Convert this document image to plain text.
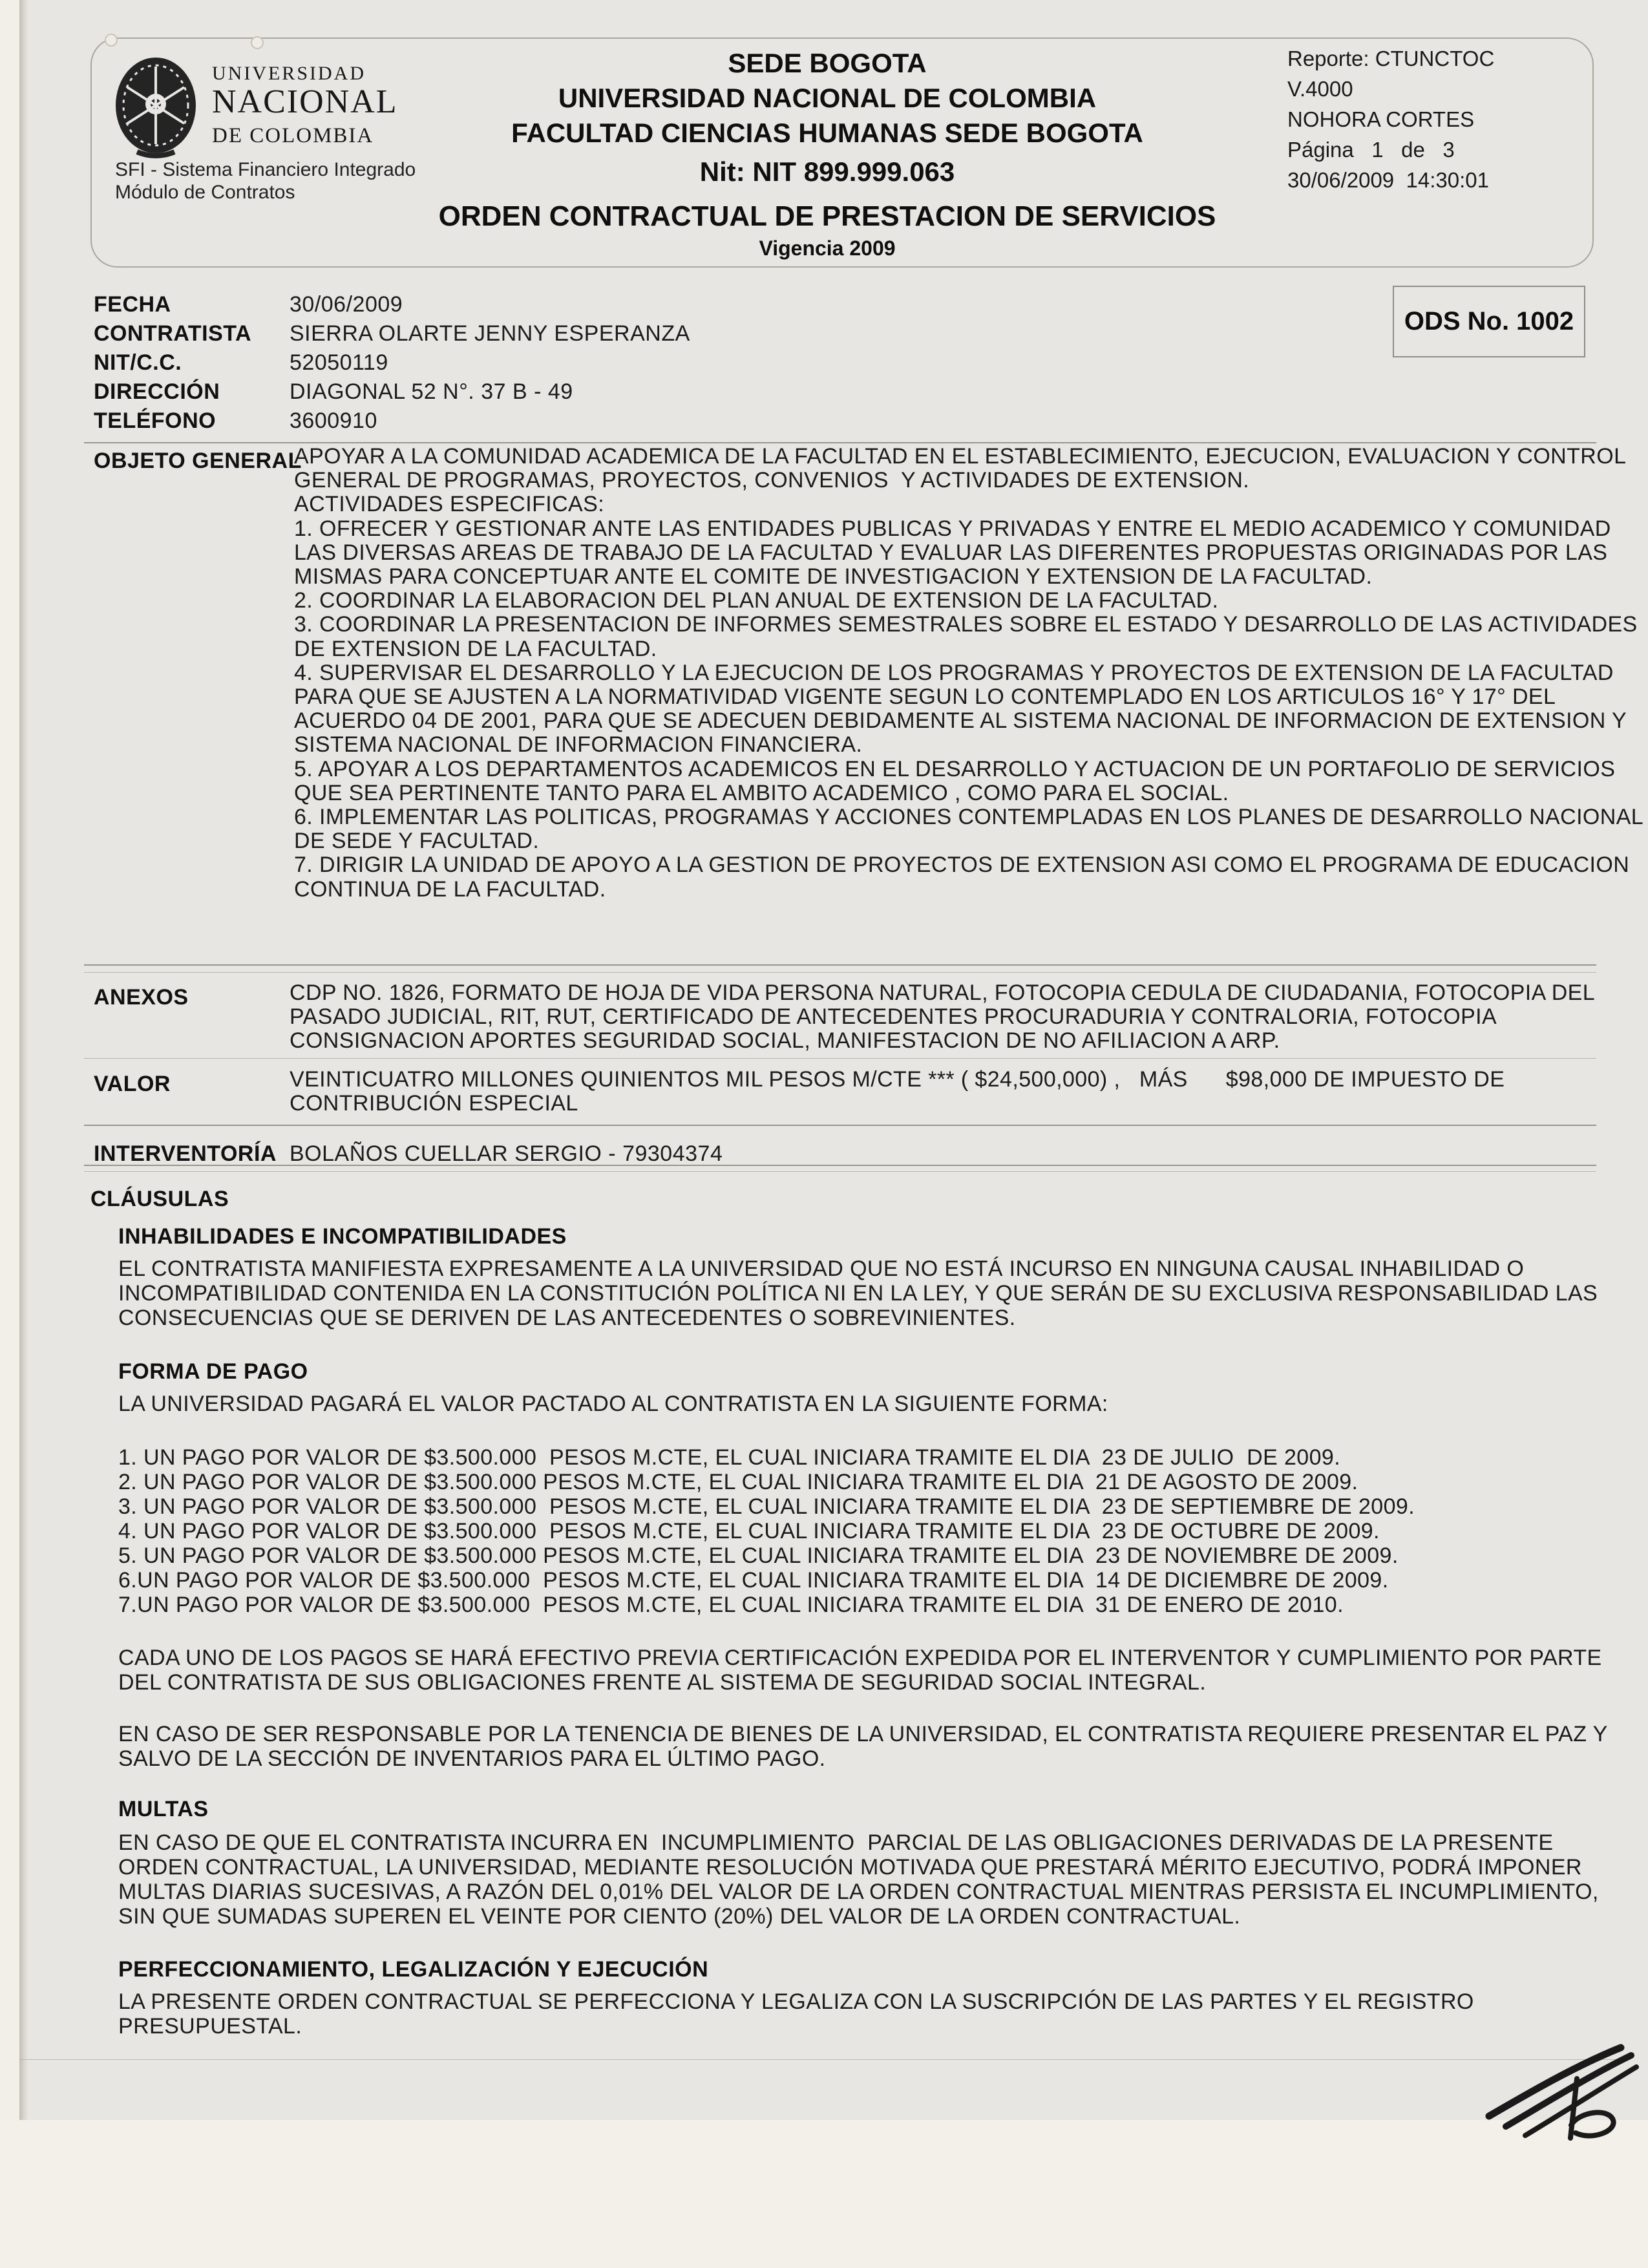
UNIVERSIDAD
NACIONAL
DE COLOMBIA
SFI - Sistema Financiero Integrado
Módulo de Contratos
SEDE BOGOTA
UNIVERSIDAD NACIONAL DE COLOMBIA
FACULTAD CIENCIAS HUMANAS SEDE BOGOTA
Nit: NIT 899.999.063
ORDEN CONTRACTUAL DE PRESTACION DE SERVICIOS
Vigencia 2009
Reporte: CTUNCTOC
V.4000
NOHORA CORTES
Página   1   de   3
30/06/2009  14:30:01
ODS No. 1002
FECHA	30/06/2009
CONTRATISTA SIERRA OLARTE JENNY ESPERANZA
NIT/C.C.	52050119
DIRECCIÓN	DIAGONAL 52 N°. 37 B - 49
TELÉFONO	3600910
OBJETO GENERAL
APOYAR A LA COMUNIDAD ACADEMICA DE LA FACULTAD EN EL ESTABLECIMIENTO, EJECUCION, EVALUACION Y CONTROL
GENERAL DE PROGRAMAS, PROYECTOS, CONVENIOS  Y ACTIVIDADES DE EXTENSION.
ACTIVIDADES ESPECIFICAS:
1. OFRECER Y GESTIONAR ANTE LAS ENTIDADES PUBLICAS Y PRIVADAS Y ENTRE EL MEDIO ACADEMICO Y COMUNIDAD
LAS DIVERSAS AREAS DE TRABAJO DE LA FACULTAD Y EVALUAR LAS DIFERENTES PROPUESTAS ORIGINADAS POR LAS
MISMAS PARA CONCEPTUAR ANTE EL COMITE DE INVESTIGACION Y EXTENSION DE LA FACULTAD.
2. COORDINAR LA ELABORACION DEL PLAN ANUAL DE EXTENSION DE LA FACULTAD.
3. COORDINAR LA PRESENTACION DE INFORMES SEMESTRALES SOBRE EL ESTADO Y DESARROLLO DE LAS ACTIVIDADES
DE EXTENSION DE LA FACULTAD.
4. SUPERVISAR EL DESARROLLO Y LA EJECUCION DE LOS PROGRAMAS Y PROYECTOS DE EXTENSION DE LA FACULTAD
PARA QUE SE AJUSTEN A LA NORMATIVIDAD VIGENTE SEGUN LO CONTEMPLADO EN LOS ARTICULOS 16° Y 17° DEL
ACUERDO 04 DE 2001, PARA QUE SE ADECUEN DEBIDAMENTE AL SISTEMA NACIONAL DE INFORMACION DE EXTENSION Y
SISTEMA NACIONAL DE INFORMACION FINANCIERA.
5. APOYAR A LOS DEPARTAMENTOS ACADEMICOS EN EL DESARROLLO Y ACTUACION DE UN PORTAFOLIO DE SERVICIOS
QUE SEA PERTINENTE TANTO PARA EL AMBITO ACADEMICO , COMO PARA EL SOCIAL.
6. IMPLEMENTAR LAS POLITICAS, PROGRAMAS Y ACCIONES CONTEMPLADAS EN LOS PLANES DE DESARROLLO NACIONAL
DE SEDE Y FACULTAD.
7. DIRIGIR LA UNIDAD DE APOYO A LA GESTION DE PROYECTOS DE EXTENSION ASI COMO EL PROGRAMA DE EDUCACION
CONTINUA DE LA FACULTAD.
ANEXOS	CDP NO. 1826, FORMATO DE HOJA DE VIDA PERSONA NATURAL, FOTOCOPIA CEDULA DE CIUDADANIA, FOTOCOPIA DEL
PASADO JUDICIAL, RIT, RUT, CERTIFICADO DE ANTECEDENTES PROCURADURIA Y CONTRALORIA, FOTOCOPIA
CONSIGNACION APORTES SEGURIDAD SOCIAL, MANIFESTACION DE NO AFILIACION A ARP.
VALOR	VEINTICUATRO MILLONES QUINIENTOS MIL PESOS M/CTE *** ( $24,500,000) ,   MÁS      $98,000 DE IMPUESTO DE
CONTRIBUCIÓN ESPECIAL
INTERVENTORÍA BOLAÑOS CUELLAR SERGIO - 79304374
CLÁUSULAS
INHABILIDADES E INCOMPATIBILIDADES
EL CONTRATISTA MANIFIESTA EXPRESAMENTE A LA UNIVERSIDAD QUE NO ESTÁ INCURSO EN NINGUNA CAUSAL INHABILIDAD O
INCOMPATIBILIDAD CONTENIDA EN LA CONSTITUCIÓN POLÍTICA NI EN LA LEY, Y QUE SERÁN DE SU EXCLUSIVA RESPONSABILIDAD LAS
CONSECUENCIAS QUE SE DERIVEN DE LAS ANTECEDENTES O SOBREVINIENTES.
FORMA DE PAGO
LA UNIVERSIDAD PAGARÁ EL VALOR PACTADO AL CONTRATISTA EN LA SIGUIENTE FORMA:
1. UN PAGO POR VALOR DE $3.500.000  PESOS M.CTE, EL CUAL INICIARA TRAMITE EL DIA  23 DE JULIO  DE 2009.
2. UN PAGO POR VALOR DE $3.500.000 PESOS M.CTE, EL CUAL INICIARA TRAMITE EL DIA  21 DE AGOSTO DE 2009.
3. UN PAGO POR VALOR DE $3.500.000  PESOS M.CTE, EL CUAL INICIARA TRAMITE EL DIA  23 DE SEPTIEMBRE DE 2009.
4. UN PAGO POR VALOR DE $3.500.000  PESOS M.CTE, EL CUAL INICIARA TRAMITE EL DIA  23 DE OCTUBRE DE 2009.
5. UN PAGO POR VALOR DE $3.500.000 PESOS M.CTE, EL CUAL INICIARA TRAMITE EL DIA  23 DE NOVIEMBRE DE 2009.
6.UN PAGO POR VALOR DE $3.500.000  PESOS M.CTE, EL CUAL INICIARA TRAMITE EL DIA  14 DE DICIEMBRE DE 2009.
7.UN PAGO POR VALOR DE $3.500.000  PESOS M.CTE, EL CUAL INICIARA TRAMITE EL DIA  31 DE ENERO DE 2010.
CADA UNO DE LOS PAGOS SE HARÁ EFECTIVO PREVIA CERTIFICACIÓN EXPEDIDA POR EL INTERVENTOR Y CUMPLIMIENTO POR PARTE
DEL CONTRATISTA DE SUS OBLIGACIONES FRENTE AL SISTEMA DE SEGURIDAD SOCIAL INTEGRAL.
EN CASO DE SER RESPONSABLE POR LA TENENCIA DE BIENES DE LA UNIVERSIDAD, EL CONTRATISTA REQUIERE PRESENTAR EL PAZ Y
SALVO DE LA SECCIÓN DE INVENTARIOS PARA EL ÚLTIMO PAGO.
MULTAS
EN CASO DE QUE EL CONTRATISTA INCURRA EN  INCUMPLIMIENTO  PARCIAL DE LAS OBLIGACIONES DERIVADAS DE LA PRESENTE
ORDEN CONTRACTUAL, LA UNIVERSIDAD, MEDIANTE RESOLUCIÓN MOTIVADA QUE PRESTARÁ MÉRITO EJECUTIVO, PODRÁ IMPONER
MULTAS DIARIAS SUCESIVAS, A RAZÓN DEL 0,01% DEL VALOR DE LA ORDEN CONTRACTUAL MIENTRAS PERSISTA EL INCUMPLIMIENTO,
SIN QUE SUMADAS SUPEREN EL VEINTE POR CIENTO (20%) DEL VALOR DE LA ORDEN CONTRACTUAL.
PERFECCIONAMIENTO, LEGALIZACIÓN Y EJECUCIÓN
LA PRESENTE ORDEN CONTRACTUAL SE PERFECCIONA Y LEGALIZA CON LA SUSCRIPCIÓN DE LAS PARTES Y EL REGISTRO
PRESUPUESTAL.
